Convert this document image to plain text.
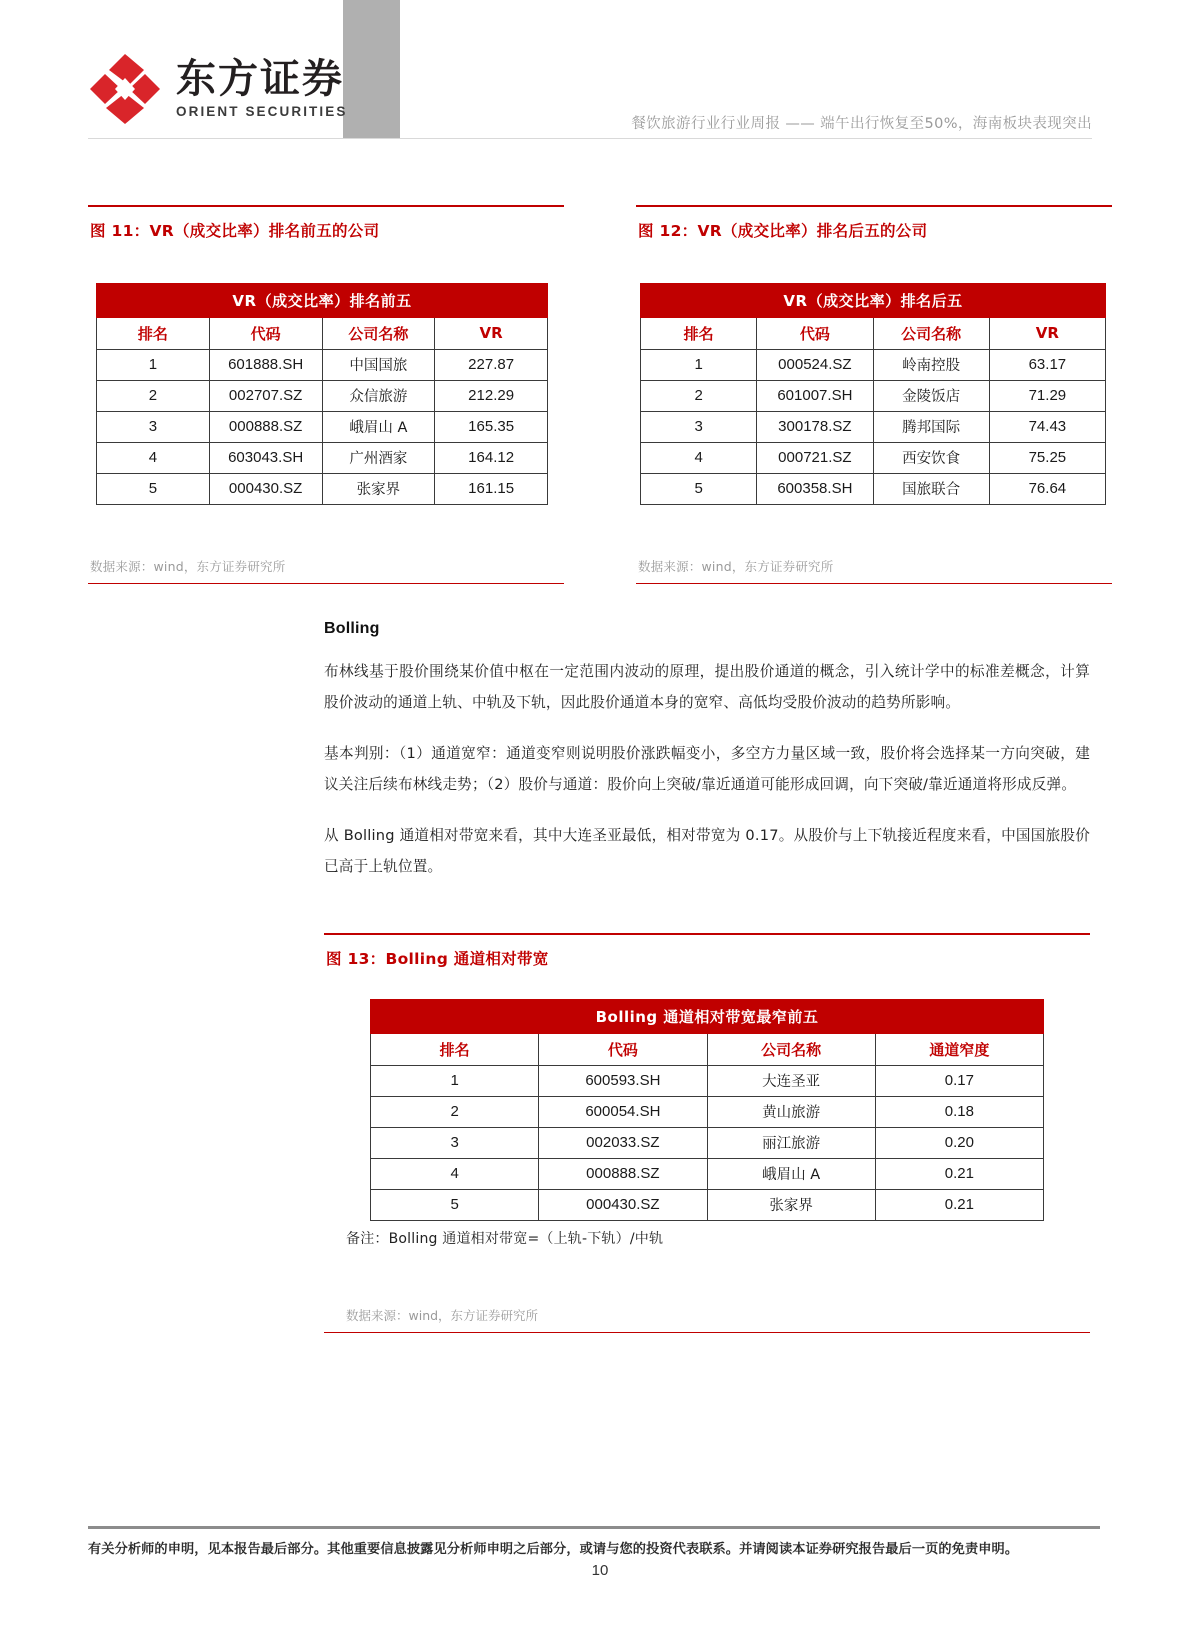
东方证券
ORIENT SECURITIES
餐饮旅游行业行业周报 —— 端午出行恢复至50%，海南板块表现突出
图 11：VR（成交比率）排名前五的公司
VR（成交比率）排名前五			
排名	代码	公司名称	VR
1	601888.SH	中国国旅	227.87
2	002707.SZ	众信旅游	212.29
3	000888.SZ	峨眉山 A	165.35
4	603043.SH	广州酒家	164.12
5	000430.SZ	张家界	161.15
数据来源：wind，东方证券研究所
图 12：VR（成交比率）排名后五的公司
VR（成交比率）排名后五			
排名	代码	公司名称	VR
1	000524.SZ	岭南控股	63.17
2	601007.SH	金陵饭店	71.29
3	300178.SZ	腾邦国际	74.43
4	000721.SZ	西安饮食	75.25
5	600358.SH	国旅联合	76.64
数据来源：wind，东方证券研究所
Bolling

布林线基于股价围绕某价值中枢在一定范围内波动的原理，提出股价通道的概念，引入统计学中的标准差概念，计算股价波动的通道上轨、中轨及下轨，因此股价通道本身的宽窄、高低均受股价波动的趋势所影响。

基本判别：（1）通道宽窄：通道变窄则说明股价涨跌幅变小，多空方力量区域一致，股价将会选择某一方向突破，建议关注后续布林线走势；（2）股价与通道：股价向上突破/靠近通道可能形成回调，向下突破/靠近通道将形成反弹。

从 Bolling 通道相对带宽来看，其中大连圣亚最低，相对带宽为 0.17。从股价与上下轨接近程度来看，中国国旅股价已高于上轨位置。

图 13：Bolling 通道相对带宽
Bolling 通道相对带宽最窄前五			
排名	代码	公司名称	通道窄度
1	600593.SH	大连圣亚	0.17
2	600054.SH	黄山旅游	0.18
3	002033.SZ	丽江旅游	0.20
4	000888.SZ	峨眉山 A	0.21
5	000430.SZ	张家界	0.21
备注：Bolling 通道相对带宽=（上轨-下轨）/中轨
数据来源：wind，东方证券研究所
有关分析师的申明，见本报告最后部分。其他重要信息披露见分析师申明之后部分，或请与您的投资代表联系。并请阅读本证券研究报告最后一页的免责申明。
10
